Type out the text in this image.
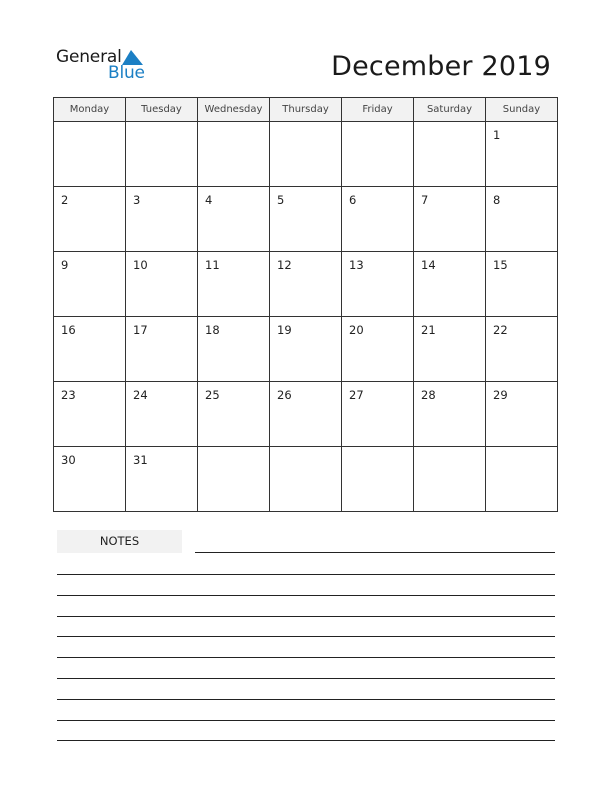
General
Blue	December 2019
Monday	Tuesday	Wednesday	Thursday	Friday	Saturday	Sunday

						1

2	3	4	5	6	7	8

9	10	11	12	13	14	15

16	17	18	19	20	21	22

23	24	25	26	27	28	29

30	31					

NOTES
